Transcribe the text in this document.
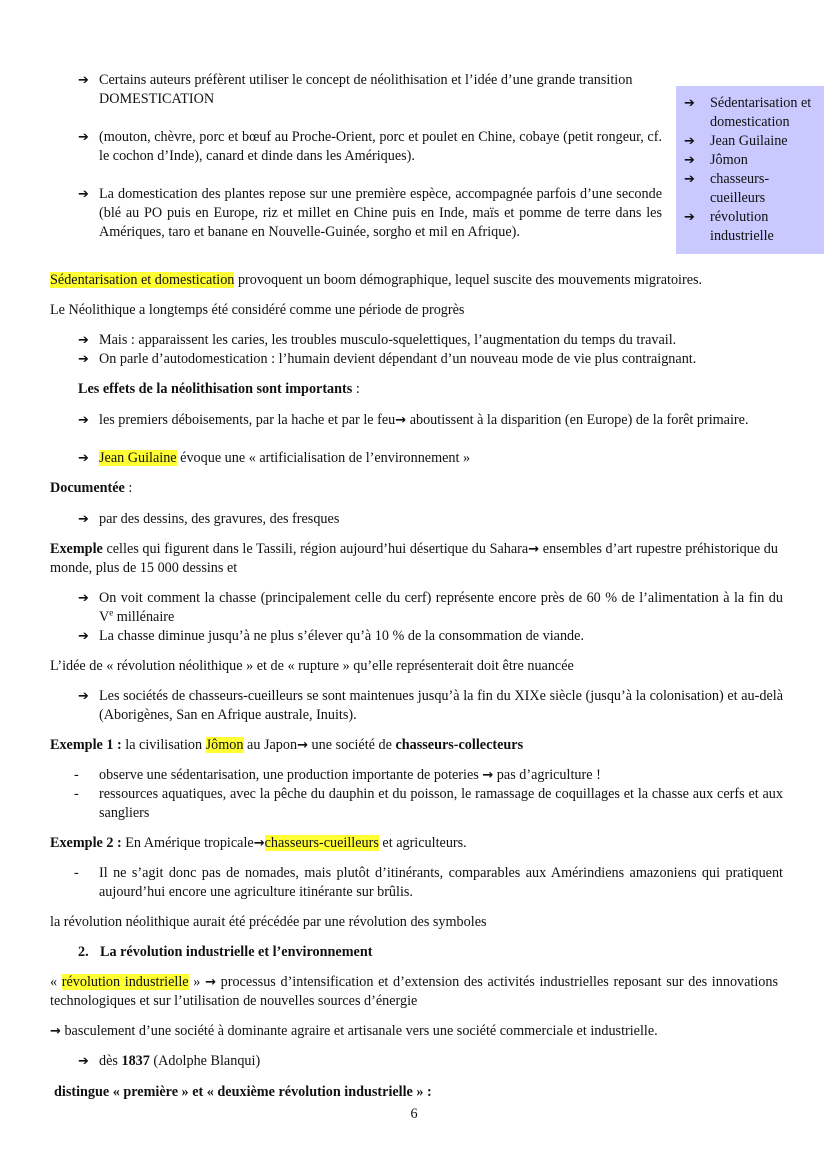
➔ Certains auteurs préfèrent utiliser le concept de néolithisation et l’idée d’une grande transition
DOMESTICATION
➔ (mouton, chèvre, porc et bœuf au Proche-Orient, porc et poulet en Chine, cobaye (petit rongeur, cf. le cochon d’Inde), canard et dinde dans les Amériques).
➔ La domestication des plantes repose sur une première espèce, accompagnée parfois d’une seconde (blé au PO puis en Europe, riz et millet en Chine puis en Inde, maïs et pomme de terre dans les Amériques, taro et banane en Nouvelle-Guinée, sorgho et mil en Afrique).
➔ Sédentarisation et domestication
➔ Jean Guilaine
➔ Jômon
➔ chasseurs-cueilleurs
➔ révolution industrielle
Sédentarisation et domestication provoquent un boom démographique, lequel suscite des mouvements migratoires.
Le Néolithique a longtemps été considéré comme une période de progrès
➔ Mais : apparaissent les caries, les troubles musculo-squelettiques, l’augmentation du temps du travail.
➔ On parle d’autodomestication : l’humain devient dépendant d’un nouveau mode de vie plus contraignant.
Les effets de la néolithisation sont importants :
➔ les premiers déboisements, par la hache et par le feu→ aboutissent à la disparition (en Europe) de la forêt primaire.
➔ Jean Guilaine évoque une « artificialisation de l’environnement »
Documentée :
➔ par des dessins, des gravures, des fresques
Exemple celles qui figurent dans le Tassili, région aujourd’hui désertique du Sahara→ ensembles d’art rupestre préhistorique du monde, plus de 15 000 dessins et
➔ On voit comment la chasse (principalement celle du cerf) représente encore près de 60 % de l’alimentation à la fin du Ve millénaire
➔ La chasse diminue jusqu’à ne plus s’élever qu’à 10 % de la consommation de viande.
L’idée de « révolution néolithique » et de « rupture » qu’elle représenterait doit être nuancée
➔ Les sociétés de chasseurs-cueilleurs se sont maintenues jusqu’à la fin du XIXe siècle (jusqu’à la colonisation) et au-delà (Aborigènes, San en Afrique australe, Inuits).
Exemple 1 : la civilisation Jômon au Japon→ une société de chasseurs-collecteurs
- observe une sédentarisation, une production importante de poteries → pas d’agriculture !
- ressources aquatiques, avec la pêche du dauphin et du poisson, le ramassage de coquillages et la chasse aux cerfs et aux sangliers
Exemple 2 : En Amérique tropicale→chasseurs-cueilleurs et agriculteurs.
- Il ne s’agit donc pas de nomades, mais plutôt d’itinérants, comparables aux Amérindiens amazoniens qui pratiquent aujourd’hui encore une agriculture itinérante sur brûlis.
la révolution néolithique aurait été précédée par une révolution des symboles
2. La révolution industrielle et l’environnement
« révolution industrielle » → processus d’intensification et d’extension des activités industrielles reposant sur des innovations technologiques et sur l’utilisation de nouvelles sources d’énergie
→ basculement d’une société à dominante agraire et artisanale vers une société commerciale et industrielle.
➔ dès 1837 (Adolphe Blanqui)
distingue « première » et « deuxième révolution industrielle » :
6
